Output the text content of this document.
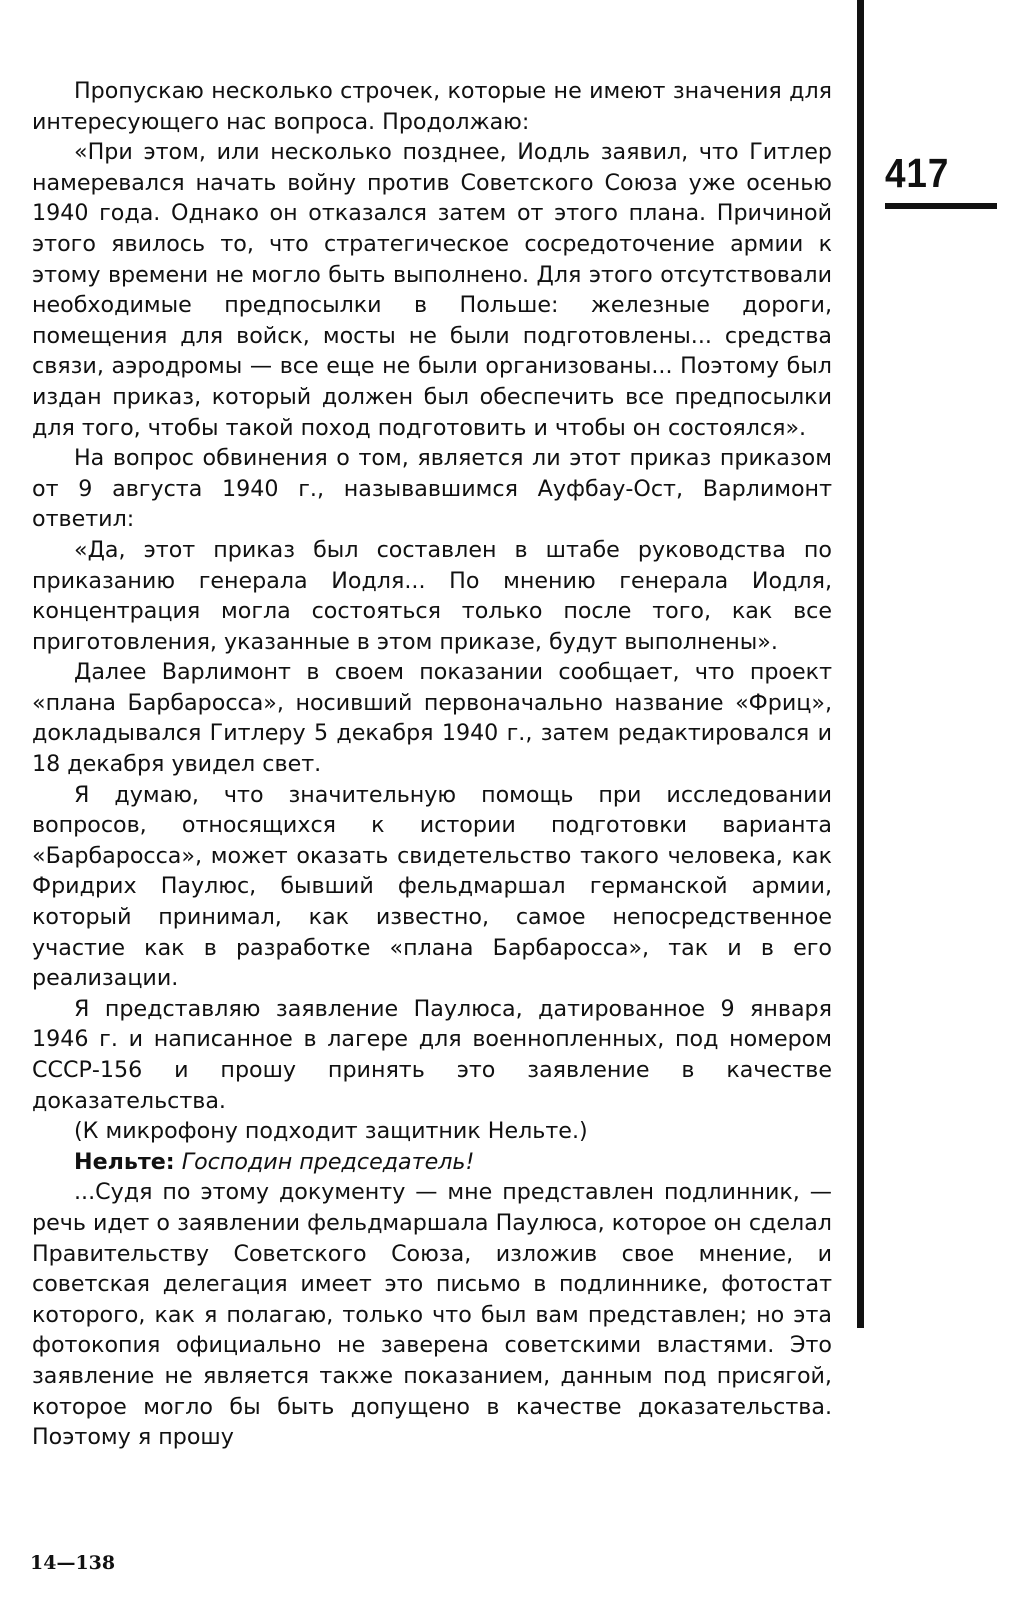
417

Пропускаю несколько строчек, которые не имеют значения для интересующего нас вопроса. Продолжаю:

«При этом, или несколько позднее, Иодль заявил, что Гитлер намеревался начать войну против Советского Союза уже осенью 1940 года. Однако он отказался затем от этого плана. Причиной этого явилось то, что стратегическое сосредоточение армии к этому времени не могло быть выполнено. Для этого отсутствовали необходимые предпосылки в Польше: железные дороги, помещения для войск, мосты не были подготовлены... средства связи, аэродромы — все еще не были организованы... Поэтому был издан приказ, который должен был обеспечить все предпосылки для того, чтобы такой поход подготовить и чтобы он состоялся».

На вопрос обвинения о том, является ли этот приказ приказом от 9 августа 1940 г., называвшимся Ауфбау-Ост, Варлимонт ответил:

«Да, этот приказ был составлен в штабе руководства по приказанию генерала Иодля... По мнению генерала Иодля, концентрация могла состояться только после того, как все приготовления, указанные в этом приказе, будут выполнены».

Далее Варлимонт в своем показании сообщает, что проект «плана Барбаросса», носивший первоначально название «Фриц», докладывался Гитлеру 5 декабря 1940 г., затем редактировался и 18 декабря увидел свет.

Я думаю, что значительную помощь при исследовании вопросов, относящихся к истории подготовки варианта «Барбаросса», может оказать свидетельство такого человека, как Фридрих Паулюс, бывший фельдмаршал германской армии, который принимал, как известно, самое непосредственное участие как в разработке «плана Барбаросса», так и в его реализации.

Я представляю заявление Паулюса, датированное 9 января 1946 г. и написанное в лагере для военнопленных, под номером СССР-156 и прошу принять это заявление в качестве доказательства.

(К микрофону подходит защитник Нельте.)

Нельте: Господин председатель!

...Судя по этому документу — мне представлен подлинник, — речь идет о заявлении фельдмаршала Паулюса, которое он сделал Правительству Советского Союза, изложив свое мнение, и советская делегация имеет это письмо в подлиннике, фотостат которого, как я полагаю, только что был вам представлен; но эта фотокопия официально не заверена советскими властями. Это заявление не является также показанием, данным под присягой, которое могло бы быть допущено в качестве доказательства. Поэтому я прошу

14—138
